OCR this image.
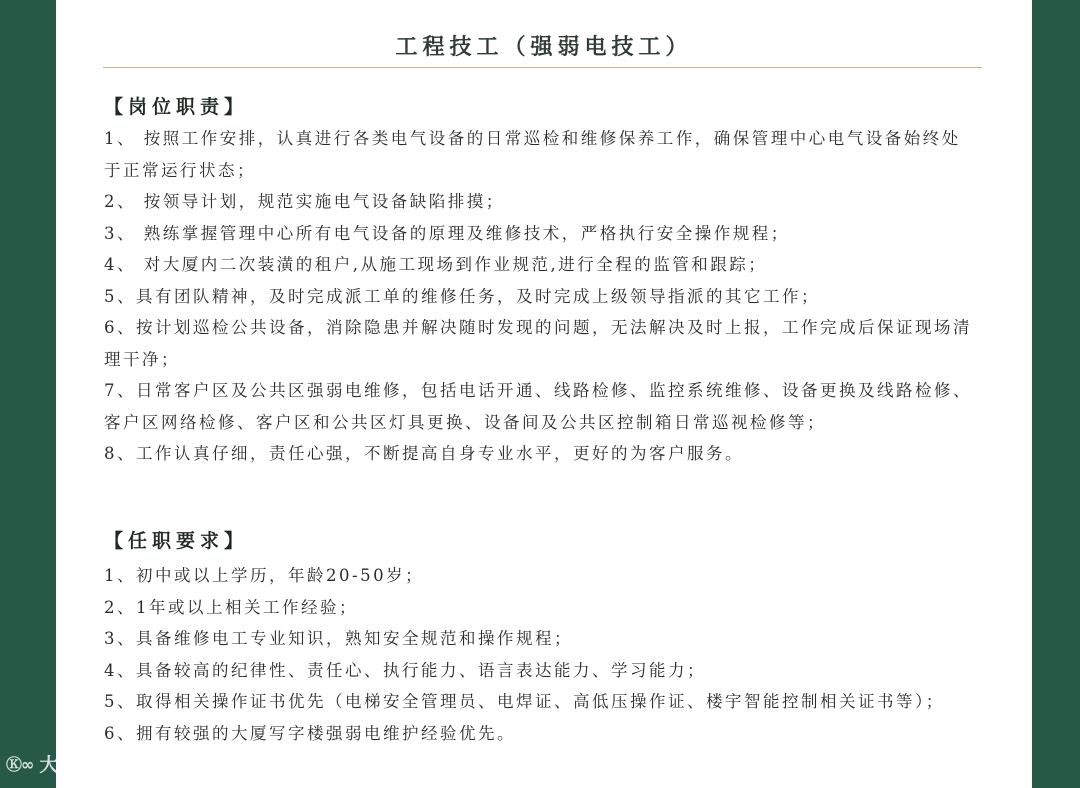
工程技工（强弱电技工）
【岗位职责】
1、 按照工作安排，认真进行各类电气设备的日常巡检和维修保养工作，确保管理中心电气设备始终处于正常运行状态；
2、 按领导计划，规范实施电气设备缺陷排摸；
3、 熟练掌握管理中心所有电气设备的原理及维修技术，严格执行安全操作规程；
4、 对大厦内二次装潢的租户,从施工现场到作业规范,进行全程的监管和跟踪；
5、具有团队精神，及时完成派工单的维修任务，及时完成上级领导指派的其它工作；
6、按计划巡检公共设备，消除隐患并解决随时发现的问题，无法解决及时上报，工作完成后保证现场清理干净；
7、日常客户区及公共区强弱电维修，包括电话开通、线路检修、监控系统维修、设备更换及线路检修、客户区网络检修、客户区和公共区灯具更换、设备间及公共区控制箱日常巡视检修等；
8、工作认真仔细，责任心强，不断提高自身专业水平，更好的为客户服务。
【任职要求】
1、初中或以上学历，年龄20-50岁；
2、1年或以上相关工作经验；
3、具备维修电工专业知识，熟知安全规范和操作规程；
4、具备较高的纪律性、责任心、执行能力、语言表达能力、学习能力；
5、取得相关操作证书优先（电梯安全管理员、电焊证、高低压操作证、楼宇智能控制相关证书等）；
6、拥有较强的大厦写字楼强弱电维护经验优先。
Ⓚ∞ 大数跨境
